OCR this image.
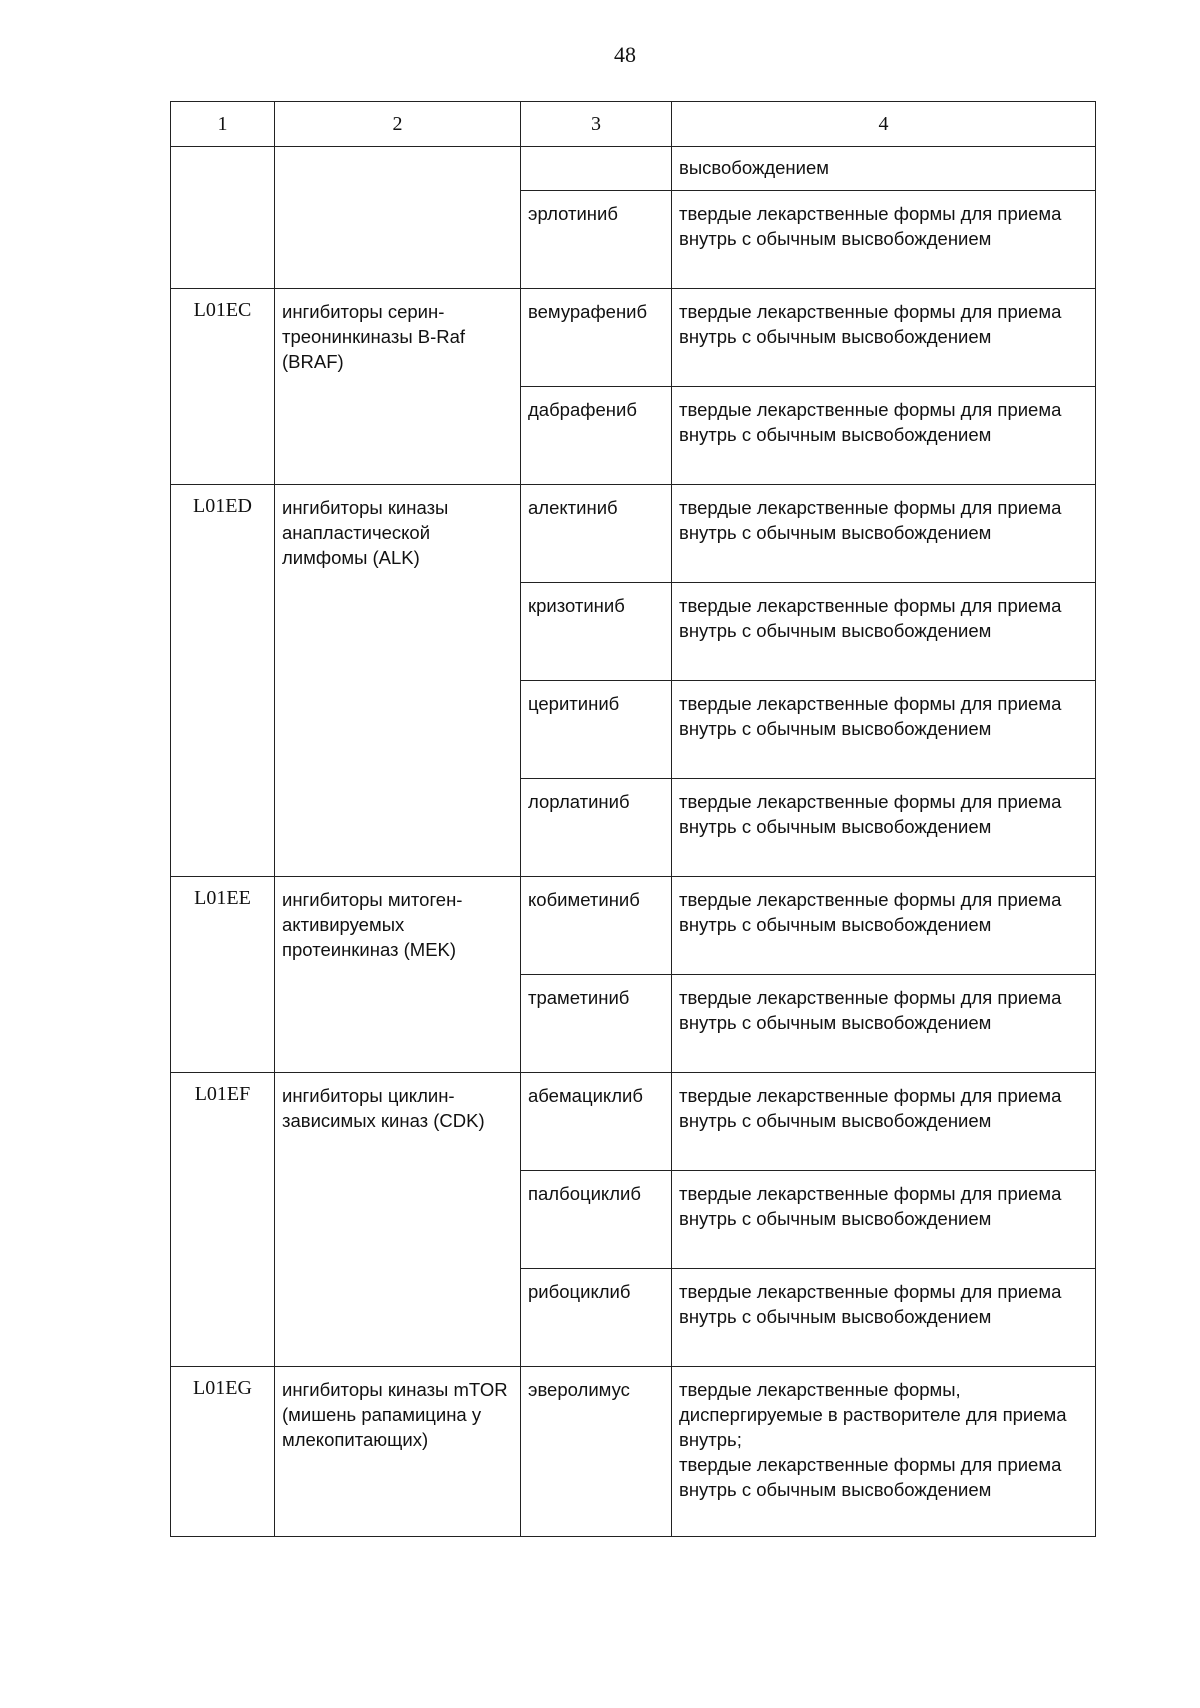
48
1	2	3	4
			высвобождением
		эрлотиниб	твердые лекарственные формы для приема внутрь с обычным высвобождением
L01EC	ингибиторы серин-треонинкиназы B-Raf (BRAF)	вемурафениб	твердые лекарственные формы для приема внутрь с обычным высвобождением
		дабрафениб	твердые лекарственные формы для приема внутрь с обычным высвобождением
L01ED	ингибиторы киназы анапластической лимфомы (ALK)	алектиниб	твердые лекарственные формы для приема внутрь с обычным высвобождением
		кризотиниб	твердые лекарственные формы для приема внутрь с обычным высвобождением
		церитиниб	твердые лекарственные формы для приема внутрь с обычным высвобождением
		лорлатиниб	твердые лекарственные формы для приема внутрь с обычным высвобождением
L01EE	ингибиторы митоген-активируемых протеинкиназ (MEK)	кобиметиниб	твердые лекарственные формы для приема внутрь с обычным высвобождением
		траметиниб	твердые лекарственные формы для приема внутрь с обычным высвобождением
L01EF	ингибиторы циклин-зависимых киназ (CDK)	абемациклиб	твердые лекарственные формы для приема внутрь с обычным высвобождением
		палбоциклиб	твердые лекарственные формы для приема внутрь с обычным высвобождением
		рибоциклиб	твердые лекарственные формы для приема внутрь с обычным высвобождением
L01EG	ингибиторы киназы mTOR (мишень рапамицина у млекопитающих)	эверолимус	твердые лекарственные формы, диспергируемые в растворителе для приема внутрь;
твердые лекарственные формы для приема внутрь с обычным высвобождением
